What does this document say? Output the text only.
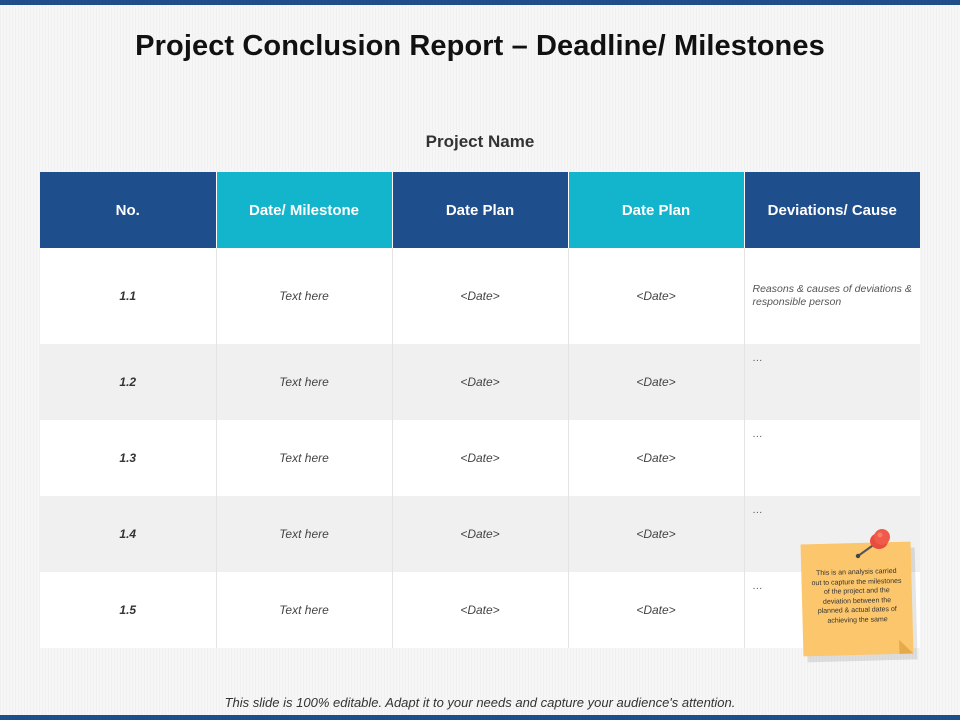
Project Conclusion Report – Deadline/ Milestones
Project Name
No.	Date/ Milestone	Date Plan	Date Plan	Deviations/ Cause
1.1	Text here	<Date>	<Date>	Reasons & causes of deviations & responsible person
1.2	Text here	<Date>	<Date>	…
1.3	Text here	<Date>	<Date>	…
1.4	Text here	<Date>	<Date>	…
1.5	Text here	<Date>	<Date>	…
This is an analysis carried out to capture the milestones of the project and the deviation between the planned & actual dates of achieving the same
This slide is 100% editable. Adapt it to your needs and capture your audience's attention.
